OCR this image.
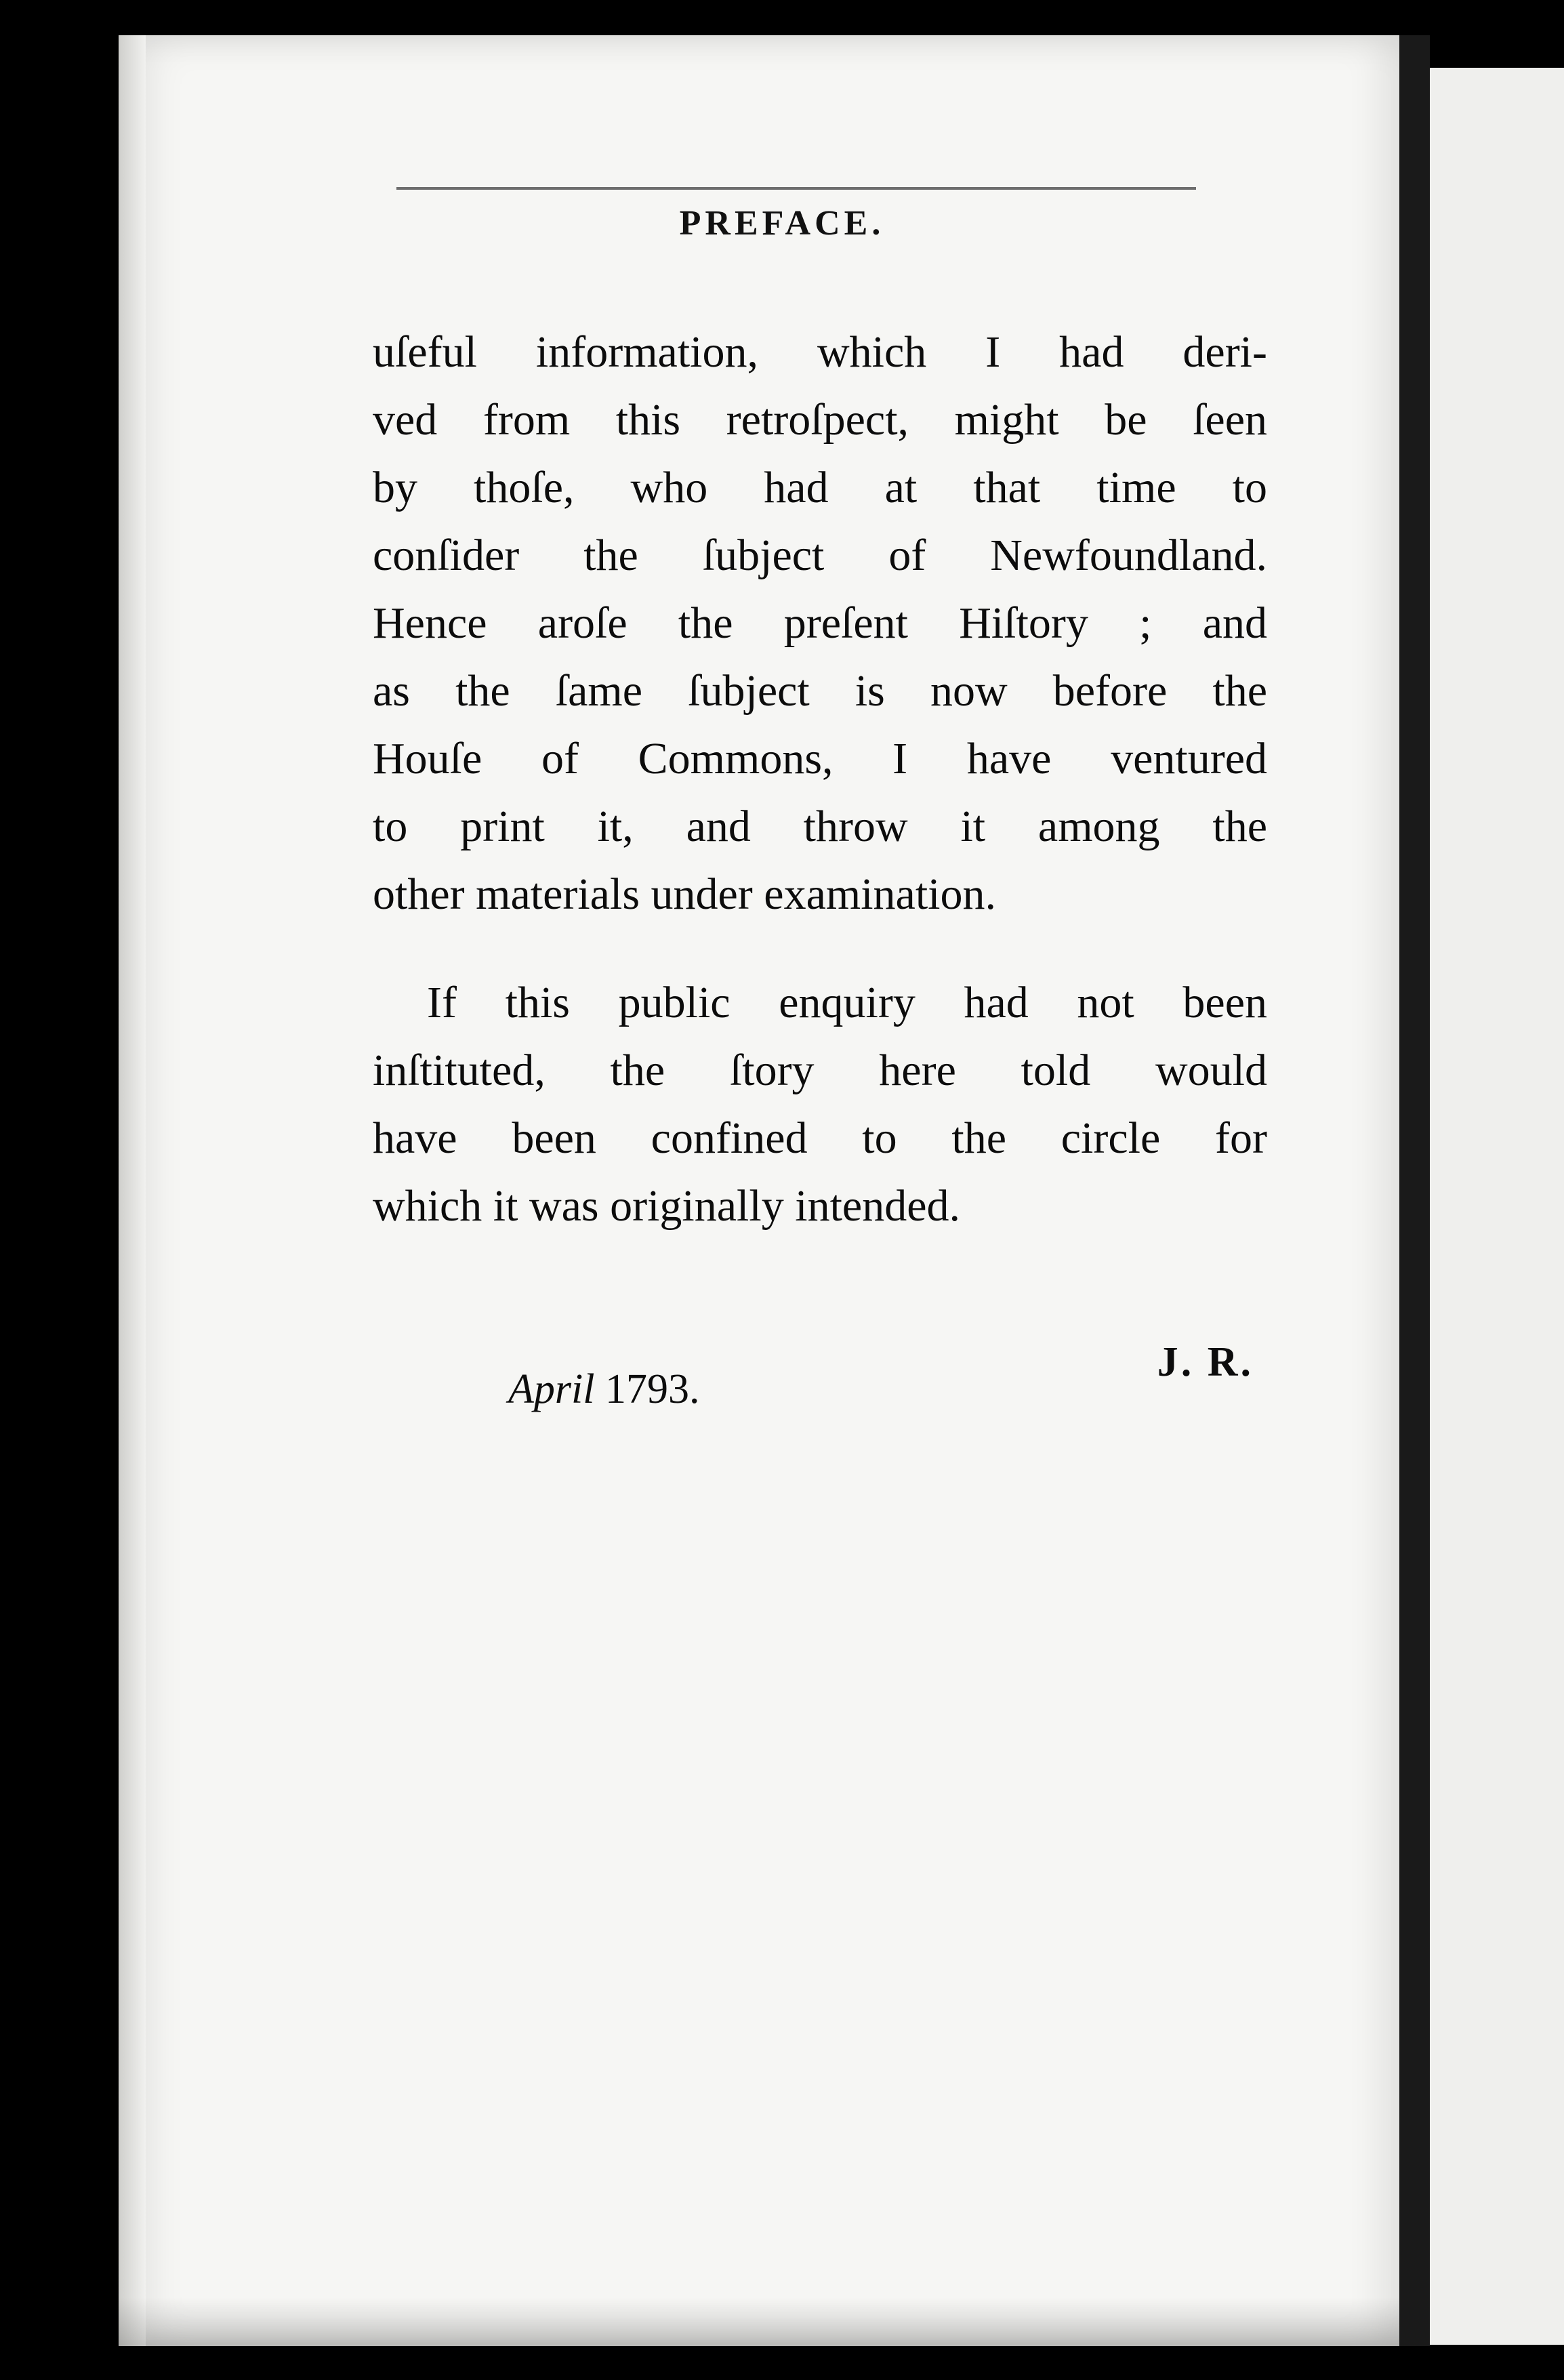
PREFACE.
uſeful information, which I had deri-
ved from this retroſpect, might be ſeen
by thoſe, who had at that time to
conſider the ſubject of Newfoundland.
Hence aroſe the preſent Hiſtory ; and
as the ſame ſubject is now before the
Houſe of Commons, I have ventured
to print it, and throw it among the
other materials under examination.
If this public enquiry had not been
inſtituted, the ſtory here told would
have been confined to the circle for
which it was originally intended.
April 1793.
J. R.
